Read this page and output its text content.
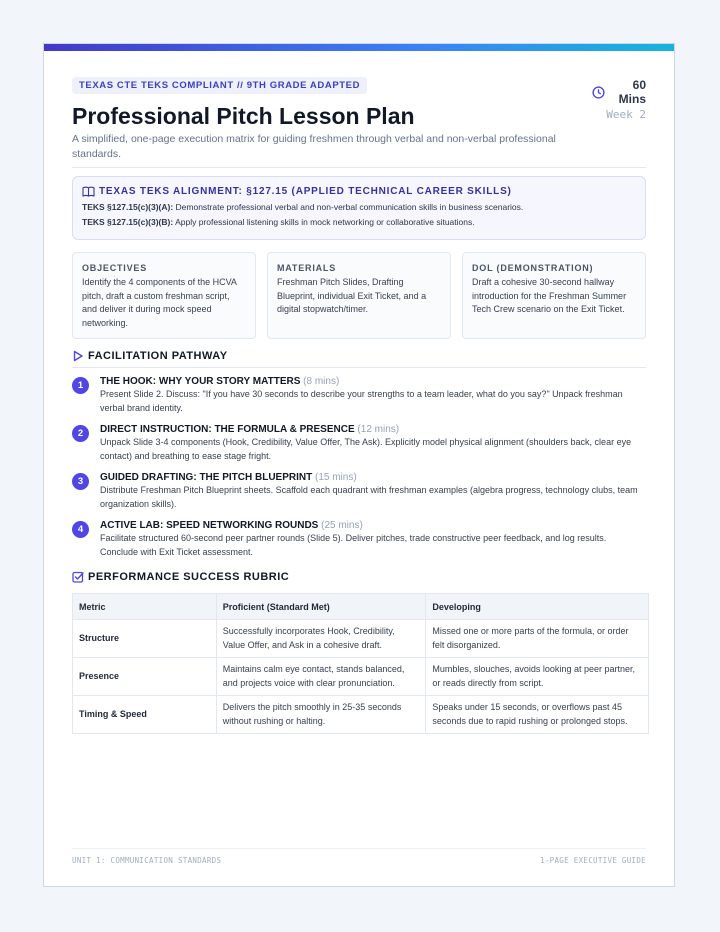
TEXAS CTE TEKS COMPLIANT // 9TH GRADE ADAPTED	60
Mins
Week 2
Professional Pitch Lesson Plan

A simplified, one-page execution matrix for guiding freshmen through verbal and non-verbal professional standards.

TEXAS TEKS ALIGNMENT: §127.15 (APPLIED TECHNICAL CAREER SKILLS)
TEKS §127.15(c)(3)(A): Demonstrate professional verbal and non-verbal communication skills in business scenarios.
TEKS §127.15(c)(3)(B): Apply professional listening skills in mock networking or collaborative situations.
OBJECTIVES
Identify the 4 components of the HCVA pitch, draft a custom freshman script, and deliver it during mock speed networking.
MATERIALS
Freshman Pitch Slides, Drafting Blueprint, individual Exit Ticket, and a digital stopwatch/timer.
DOL (DEMONSTRATION)
Draft a cohesive 30-second hallway introduction for the Freshman Summer Tech Crew scenario on the Exit Ticket.
FACILITATION PATHWAY
1	THE HOOK: WHY YOUR STORY MATTERS (8 mins)
Present Slide 2. Discuss: "If you have 30 seconds to describe your strengths to a team leader, what do you say?" Unpack freshman verbal brand identity.
2	DIRECT INSTRUCTION: THE FORMULA & PRESENCE (12 mins)
Unpack Slide 3-4 components (Hook, Credibility, Value Offer, The Ask). Explicitly model physical alignment (shoulders back, clear eye contact) and breathing to ease stage fright.
3	GUIDED DRAFTING: THE PITCH BLUEPRINT (15 mins)
Distribute Freshman Pitch Blueprint sheets. Scaffold each quadrant with freshman examples (algebra progress, technology clubs, team organization skills).
4	ACTIVE LAB: SPEED NETWORKING ROUNDS (25 mins)
Facilitate structured 60-second peer partner rounds (Slide 5). Deliver pitches, trade constructive peer feedback, and log results. Conclude with Exit Ticket assessment.
PERFORMANCE SUCCESS RUBRIC
Metric	Proficient (Standard Met)	Developing
Structure	Successfully incorporates Hook, Credibility, Value Offer, and Ask in a cohesive draft.	Missed one or more parts of the formula, or order felt disorganized.
Presence	Maintains calm eye contact, stands balanced, and projects voice with clear pronunciation.	Mumbles, slouches, avoids looking at peer partner, or reads directly from script.
Timing & Speed	Delivers the pitch smoothly in 25-35 seconds without rushing or halting.	Speaks under 15 seconds, or overflows past 45 seconds due to rapid rushing or prolonged stops.
UNIT 1: COMMUNICATION STANDARDS	1-PAGE EXECUTIVE GUIDE
